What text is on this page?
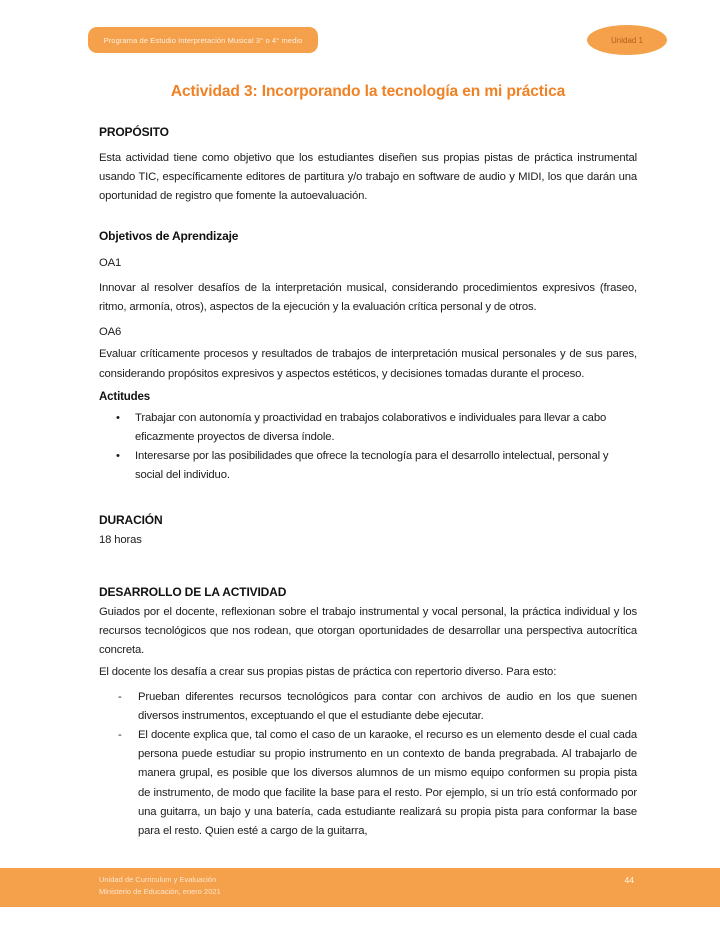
Programa de Estudio Interpretación Musical 3° o 4° medio	Unidad 1
Actividad 3: Incorporando la tecnología en mi práctica
PROPÓSITO

Esta actividad tiene como objetivo que los estudiantes diseñen sus propias pistas de práctica instrumental usando TIC, específicamente editores de partitura y/o trabajo en software de audio y MIDI, los que darán una oportunidad de registro que fomente la autoevaluación.

Objetivos de Aprendizaje

OA1

Innovar al resolver desafíos de la interpretación musical, considerando procedimientos expresivos (fraseo, ritmo, armonía, otros), aspectos de la ejecución y la evaluación crítica personal y de otros.

OA6

Evaluar críticamente procesos y resultados de trabajos de interpretación musical personales y de sus pares, considerando propósitos expresivos y aspectos estéticos, y decisiones tomadas durante el proceso.

Actitudes
• Trabajar con autonomía y proactividad en trabajos colaborativos e individuales para llevar a cabo eficazmente proyectos de diversa índole.
• Interesarse por las posibilidades que ofrece la tecnología para el desarrollo intelectual, personal y social del individuo.
DURACIÓN

18 horas

DESARROLLO DE LA ACTIVIDAD

Guiados por el docente, reflexionan sobre el trabajo instrumental y vocal personal, la práctica individual y los recursos tecnológicos que nos rodean, que otorgan oportunidades de desarrollar una perspectiva autocrítica concreta.

El docente los desafía a crear sus propias pistas de práctica con repertorio diverso. Para esto:

- Prueban diferentes recursos tecnológicos para contar con archivos de audio en los que suenen diversos instrumentos, exceptuando el que el estudiante debe ejecutar.
- El docente explica que, tal como el caso de un karaoke, el recurso es un elemento desde el cual cada persona puede estudiar su propio instrumento en un contexto de banda pregrabada. Al trabajarlo de manera grupal, es posible que los diversos alumnos de un mismo equipo conformen su propia pista de instrumento, de modo que facilite la base para el resto. Por ejemplo, si un trío está conformado por una guitarra, un bajo y una batería, cada estudiante realizará su propia pista para conformar la base para el resto. Quien esté a cargo de la guitarra,
Unidad de Curriculum y Evaluación
Ministerio de Educación, enero 2021
44
